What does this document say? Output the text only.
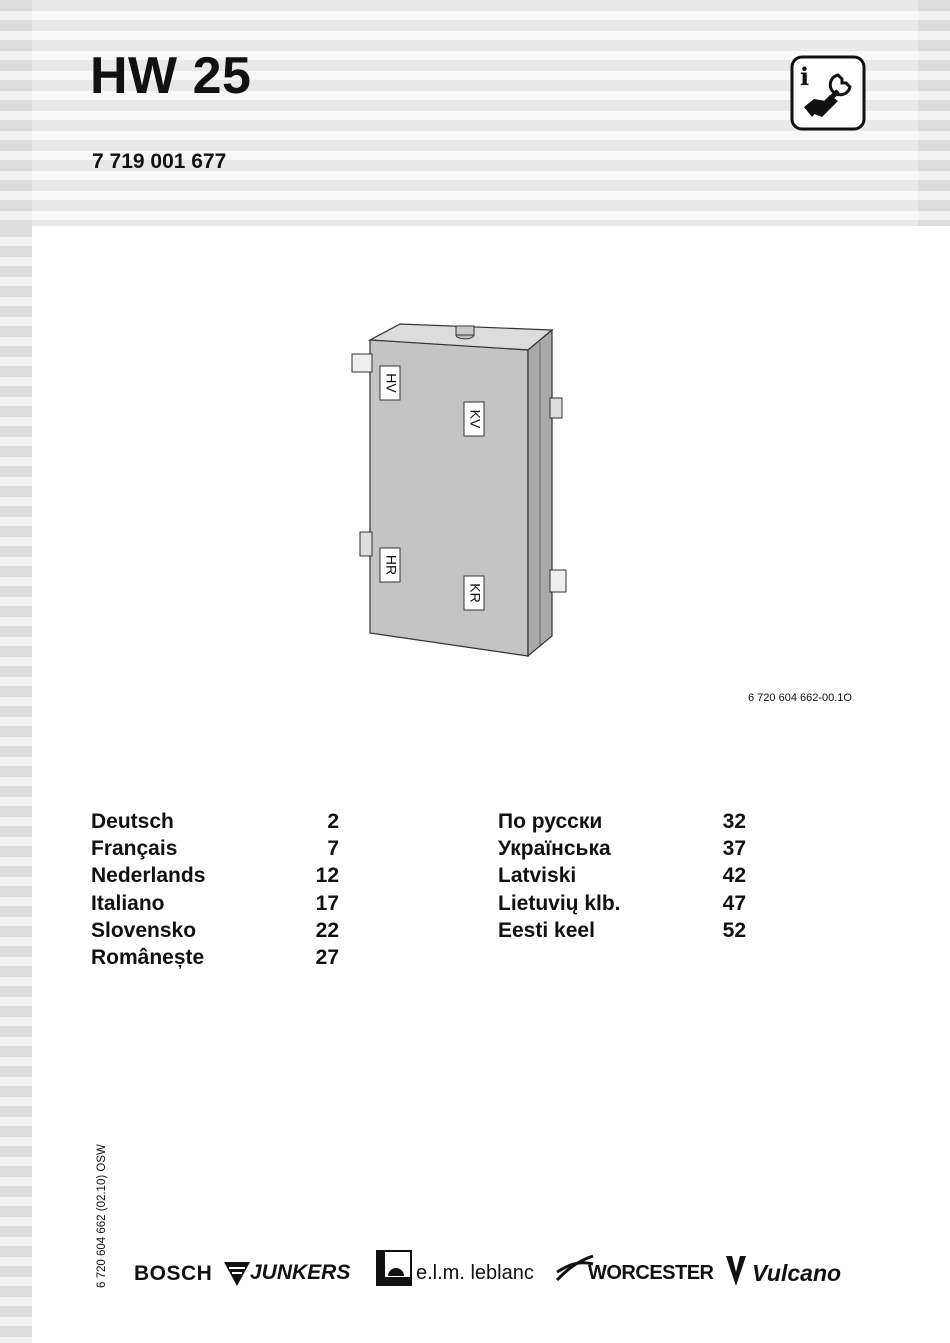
HW 25
7 719 001 677
i
HV
KV
HR
KR
6 720 604 662-00.1O
Deutsch	2
Français	7
Nederlands	12
Italiano	17
Slovensko	22
Românește	27
По русски	32
Українська	37
Latviski	42
Lietuvių klb.	47
Eesti keel	52
6 720 604 662 (02.10) OSW BOSCH JUNKERS	e.l.m. leblanc	WORCESTER Vulcano
